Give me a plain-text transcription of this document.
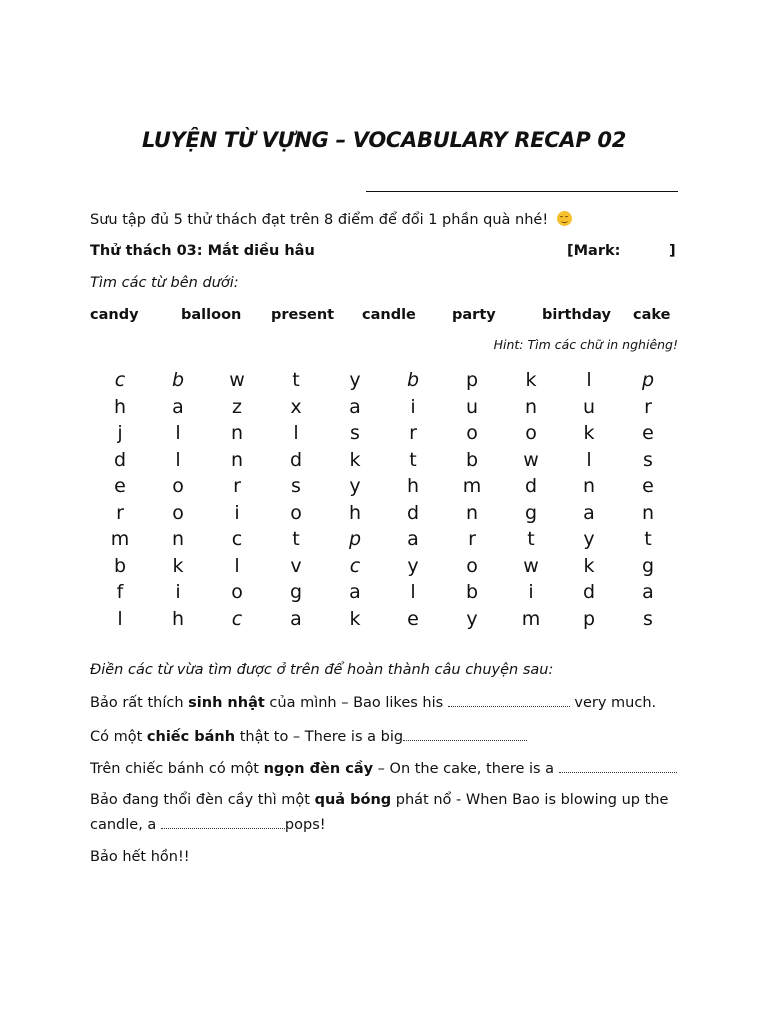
LUYỆN TỪ VỰNG – VOCABULARY RECAP 02
Sưu tập đủ 5 thử thách đạt trên 8 điểm để đổi 1 phần quà nhé!
Thử thách 03: Mắt diều hâu	[Mark:	]
Tìm các từ bên dưới:
candy	balloon present candle party	birthday cake
Hint: Tìm các chữ in nghiêng!
c	b	w	t	y	b	p	k	l	p
h	a	z	x	a	i	u	n	u	r
j	l	n	l	s	r	o	o	k	e
d	l	n	d	k	t	b	w	l	s
e	o	r	s	y	h	m	d	n	e
r	o	i	o	h	d	n	g	a	n
m	n	c	t	p	a	r	t	y	t
b	k	l	v	c	y	o	w	k	g
f	i	o	g	a	l	b	i	d	a
l	h	c	a	k	e	y	m	p	s
Điền các từ vừa tìm được ở trên để hoàn thành câu chuyện sau:
Bảo rất thích sinh nhật của mình – Bao likes his	very much.
Có một chiếc bánh thật to – There is a big
Trên chiếc bánh có một ngọn đèn cầy – On the cake, there is a
Bảo đang thổi đèn cầy thì một quả bóng phát nổ - When Bao is blowing up the
candle, a	pops!
Bảo hết hồn!!
